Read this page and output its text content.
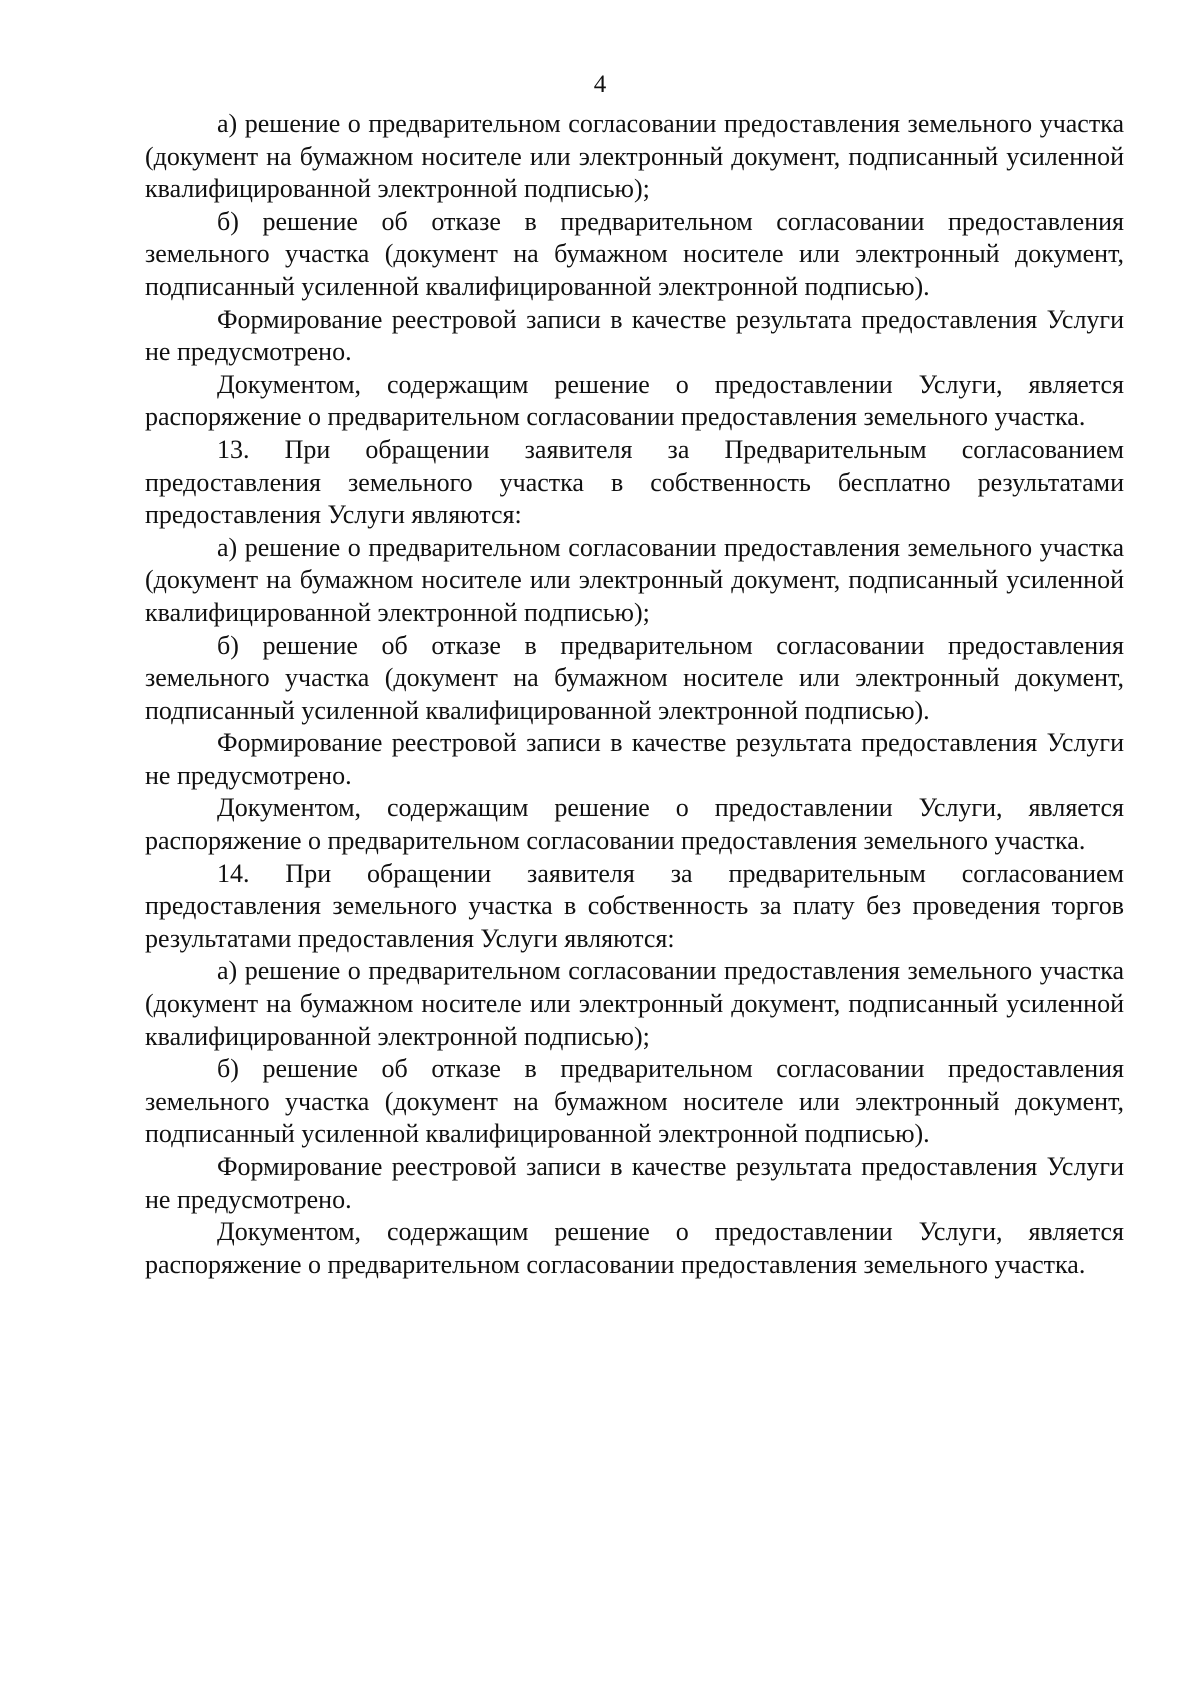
4

а) решение о предварительном согласовании предоставления земельного участка (документ на бумажном носителе или электронный документ, подписанный усиленной квалифицированной электронной подписью);

б) решение об отказе в предварительном согласовании предоставления земельного участка (документ на бумажном носителе или электронный документ, подписанный усиленной квалифицированной электронной подписью).

Формирование реестровой записи в качестве результата предоставления Услуги не предусмотрено.

Документом, содержащим решение о предоставлении Услуги, является распоряжение о предварительном согласовании предоставления земельного участка.

13. При обращении заявителя за Предварительным согласованием предоставления земельного участка в собственность бесплатно результатами предоставления Услуги являются:

а) решение о предварительном согласовании предоставления земельного участка (документ на бумажном носителе или электронный документ, подписанный усиленной квалифицированной электронной подписью);

б) решение об отказе в предварительном согласовании предоставления земельного участка (документ на бумажном носителе или электронный документ, подписанный усиленной квалифицированной электронной подписью).

Формирование реестровой записи в качестве результата предоставления Услуги не предусмотрено.

Документом, содержащим решение о предоставлении Услуги, является распоряжение о предварительном согласовании предоставления земельного участка.

14. При обращении заявителя за предварительным согласованием предоставления земельного участка в собственность за плату без проведения торгов результатами предоставления Услуги являются:

а) решение о предварительном согласовании предоставления земельного участка (документ на бумажном носителе или электронный документ, подписанный усиленной квалифицированной электронной подписью);

б) решение об отказе в предварительном согласовании предоставления земельного участка (документ на бумажном носителе или электронный документ, подписанный усиленной квалифицированной электронной подписью).

Формирование реестровой записи в качестве результата предоставления Услуги не предусмотрено.

Документом, содержащим решение о предоставлении Услуги, является распоряжение о предварительном согласовании предоставления земельного участка.
